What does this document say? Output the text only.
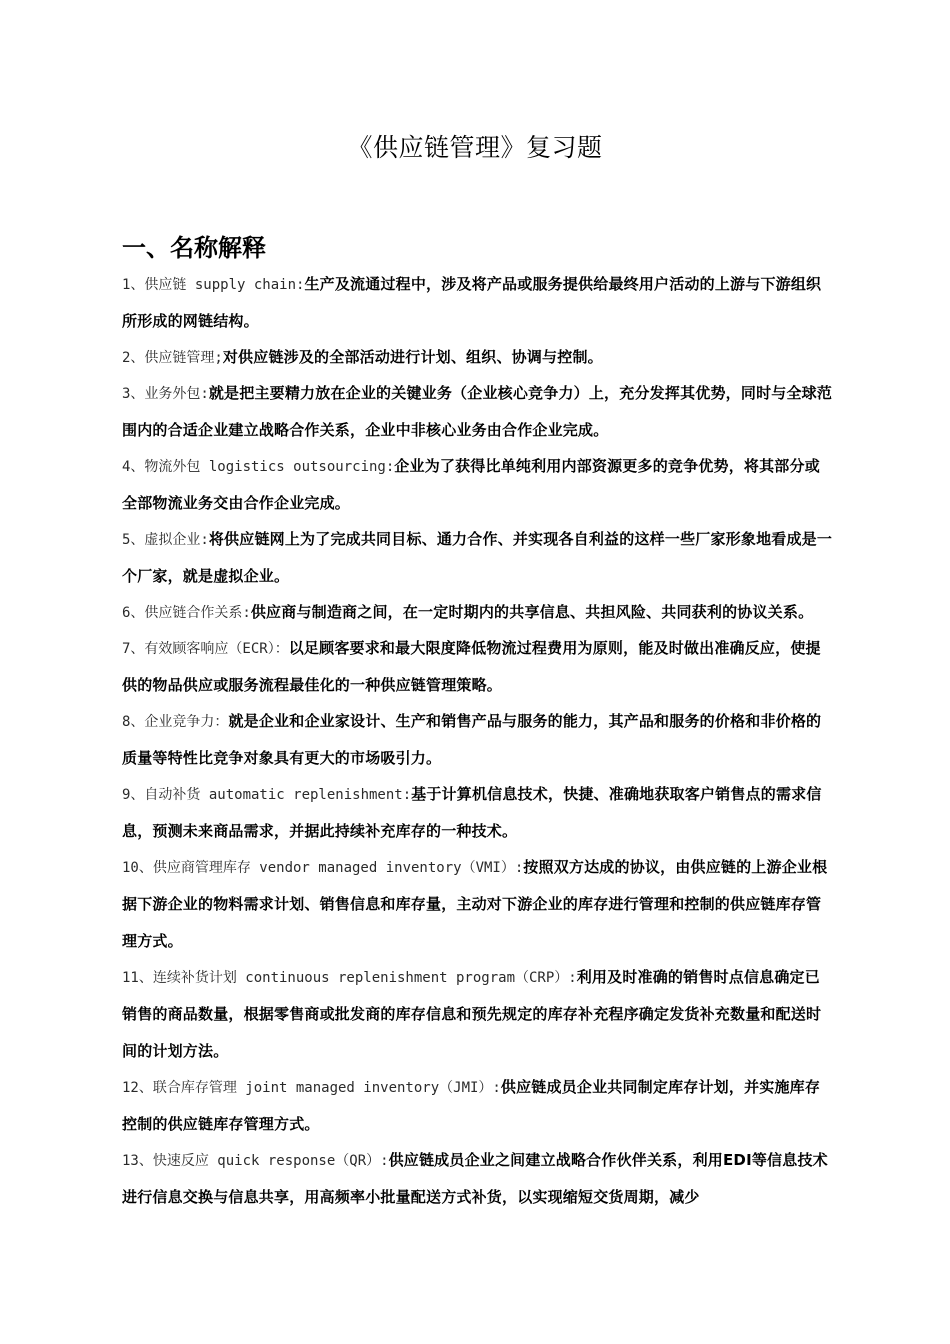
《供应链管理》复习题
一、名称解释
1、供应链 supply chain:生产及流通过程中，涉及将产品或服务提供给最终用户活动的上游与下游组织所形成的网链结构。
2、供应链管理;对供应链涉及的全部活动进行计划、组织、协调与控制。
3、业务外包:就是把主要精力放在企业的关键业务（企业核心竞争力）上，充分发挥其优势，同时与全球范围内的合适企业建立战略合作关系，企业中非核心业务由合作企业完成。
4、物流外包 logistics outsourcing:企业为了获得比单纯利用内部资源更多的竞争优势，将其部分或全部物流业务交由合作企业完成。
5、虚拟企业:将供应链网上为了完成共同目标、通力合作、并实现各自利益的这样一些厂家形象地看成是一个厂家，就是虚拟企业。
6、供应链合作关系:供应商与制造商之间，在一定时期内的共享信息、共担风险、共同获利的协议关系。
7、有效顾客响应（ECR）：以足顾客要求和最大限度降低物流过程费用为原则，能及时做出准确反应，使提供的物品供应或服务流程最佳化的一种供应链管理策略。
8、企业竞争力：就是企业和企业家设计、生产和销售产品与服务的能力，其产品和服务的价格和非价格的质量等特性比竞争对象具有更大的市场吸引力。
9、自动补货 automatic replenishment:基于计算机信息技术，快捷、准确地获取客户销售点的需求信息，预测未来商品需求，并据此持续补充库存的一种技术。
10、供应商管理库存 vendor managed inventory（VMI）:按照双方达成的协议，由供应链的上游企业根据下游企业的物料需求计划、销售信息和库存量，主动对下游企业的库存进行管理和控制的供应链库存管理方式。
11、连续补货计划 continuous replenishment program（CRP）:利用及时准确的销售时点信息确定已销售的商品数量，根据零售商或批发商的库存信息和预先规定的库存补充程序确定发货补充数量和配送时间的计划方法。
12、联合库存管理 joint managed inventory（JMI）:供应链成员企业共同制定库存计划，并实施库存控制的供应链库存管理方式。
13、快速反应 quick response（QR）:供应链成员企业之间建立战略合作伙伴关系，利用EDI等信息技术进行信息交换与信息共享，用高频率小批量配送方式补货，以实现缩短交货周期，减少
